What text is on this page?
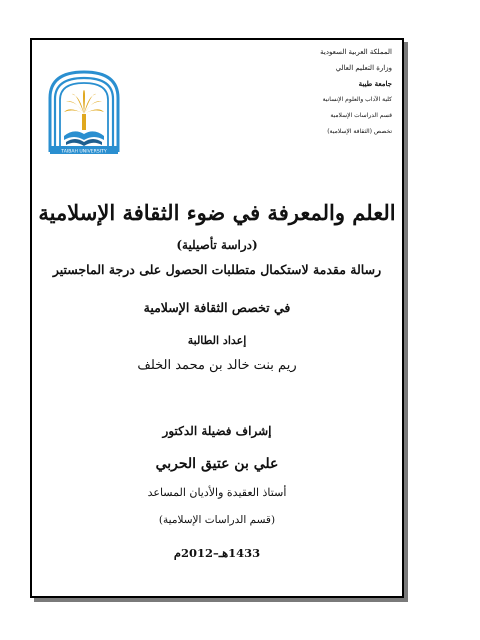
المملكة العربية السعودية
وزارة التعليم العالي
جامعة طيبة
كلية الآداب والعلوم الإنسانية
قسم الدراسات الإسلامية
تخصص (الثقافة الإسلامية)
TAIBAH UNIVERSITY
العلم والمعرفة في ضوء الثقافة الإسلامية
(دراسة تأصيلية)
رسالة مقدمة لاستكمال متطلبات الحصول على درجة الماجستير
في تخصص الثقافة الإسلامية
إعداد الطالبة
ريم بنت خالد بن محمد الخلف
إشراف فضيلة الدكتور
علي بن عتيق الحربي
أستاذ العقيدة والأديان المساعد
(قسم الدراسات الإسلامية)
1433هـ–2012م
